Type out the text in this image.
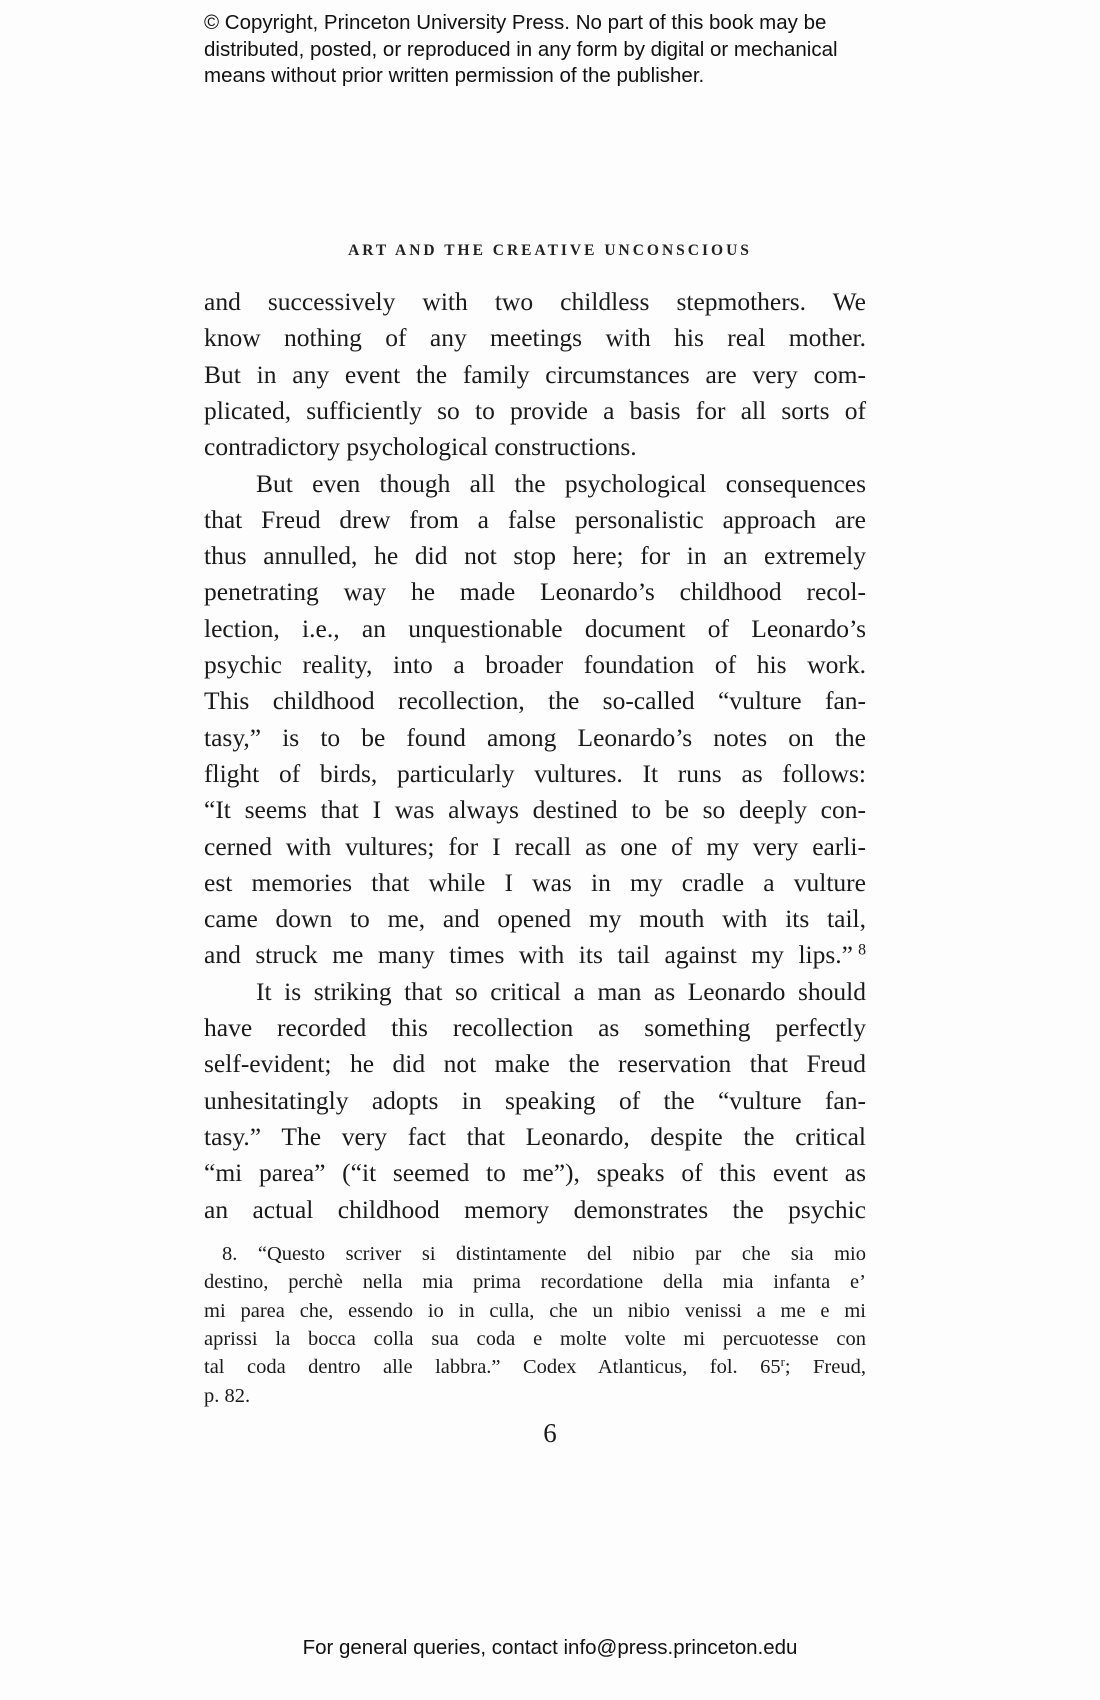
© Copyright, Princeton University Press. No part of this book may be
distributed, posted, or reproduced in any form by digital or mechanical
means without prior written permission of the publisher.
ART AND THE CREATIVE UNCONSCIOUS
and successively with two childless stepmothers. We
know nothing of any meetings with his real mother.
But in any event the family circumstances are very com-
plicated, sufficiently so to provide a basis for all sorts of
contradictory psychological constructions.
But even though all the psychological consequences
that Freud drew from a false personalistic approach are
thus annulled, he did not stop here; for in an extremely
penetrating way he made Leonardo’s childhood recol-
lection, i.e., an unquestionable document of Leonardo’s
psychic reality, into a broader foundation of his work.
This childhood recollection, the so-called “vulture fan-
tasy,” is to be found among Leonardo’s notes on the
flight of birds, particularly vultures. It runs as follows:
“It seems that I was always destined to be so deeply con-
cerned with vultures; for I recall as one of my very earli-
est memories that while I was in my cradle a vulture
came down to me, and opened my mouth with its tail,
and struck me many times with its tail against my lips.”  $^8$
It is striking that so critical a man as Leonardo should
have recorded this recollection as something perfectly
self-evident; he did not make the reservation that Freud
unhesitatingly adopts in speaking of the “vulture fan-
tasy.” The very fact that Leonardo, despite the critical
“mi parea” (“it seemed to me”), speaks of this event as
an actual childhood memory demonstrates the psychic
8. “Questo scriver si distintamente del nibio par che sia mio
destino, perchè nella mia prima recordatione della mia infanta e’
mi parea che, essendo io in culla, che un nibio venissi a me e mi
aprissi la bocca colla sua coda e molte volte mi percuotesse con
tal coda dentro alle labbra.” Codex Atlanticus, fol. 65$^r$; Freud,
p. 82.
6
For general queries, contact info@press.princeton.edu
